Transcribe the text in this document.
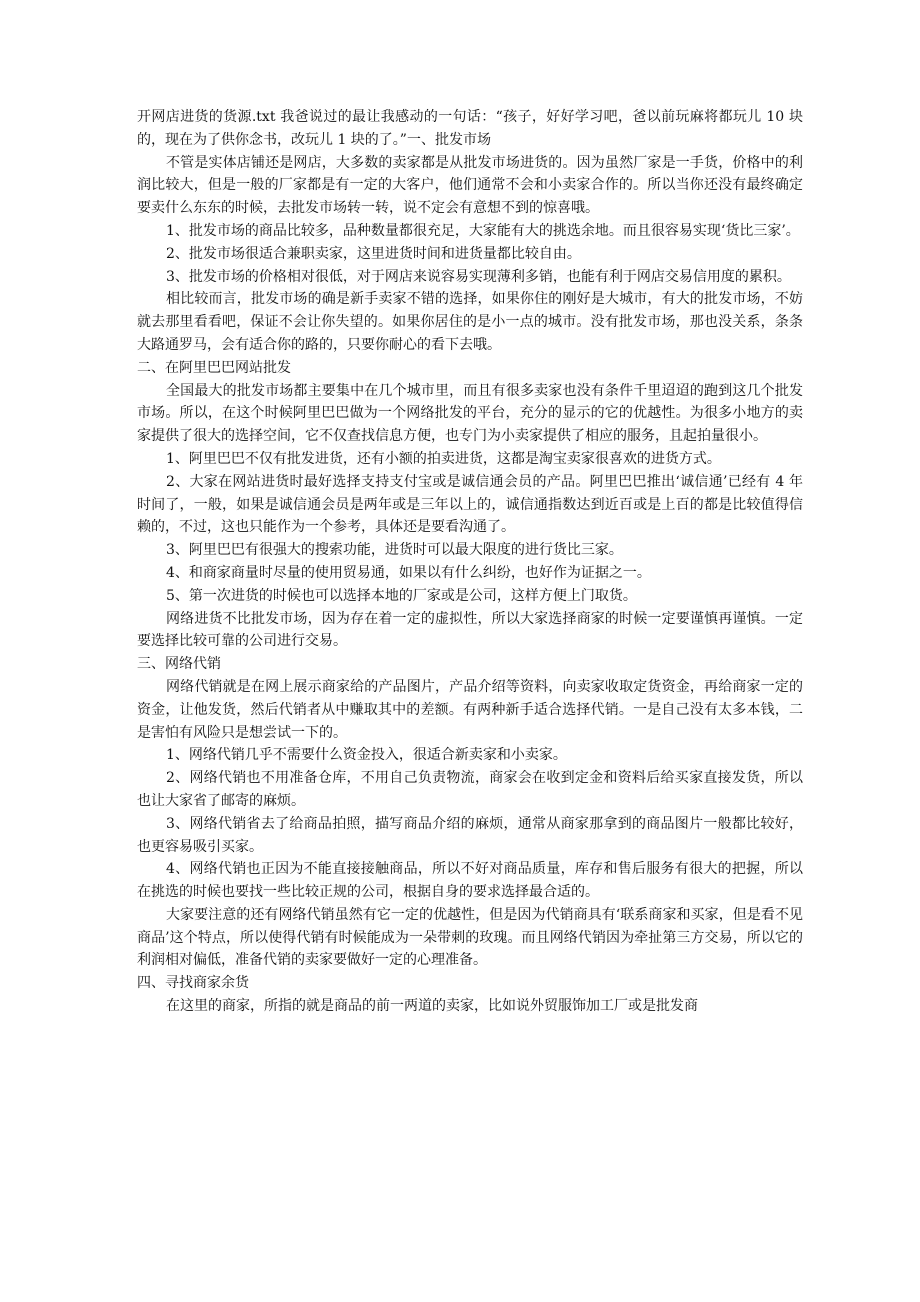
开网店进货的货源.txt 我爸说过的最让我感动的一句话：“孩子，好好学习吧，爸以前玩麻将都玩儿 10 块的，现在为了供你念书，改玩儿 1 块的了。”一、批发市场

不管是实体店铺还是网店，大多数的卖家都是从批发市场进货的。因为虽然厂家是一手货，价格中的利润比较大，但是一般的厂家都是有一定的大客户，他们通常不会和小卖家合作的。所以当你还没有最终确定要卖什么东东的时候，去批发市场转一转，说不定会有意想不到的惊喜哦。

1、批发市场的商品比较多，品种数量都很充足，大家能有大的挑选余地。而且很容易实现‘货比三家’。

2、批发市场很适合兼职卖家，这里进货时间和进货量都比较自由。

3、批发市场的价格相对很低，对于网店来说容易实现薄利多销，也能有利于网店交易信用度的累积。

相比较而言，批发市场的确是新手卖家不错的选择，如果你住的刚好是大城市，有大的批发市场，不妨就去那里看看吧，保证不会让你失望的。如果你居住的是小一点的城市。没有批发市场，那也没关系，条条大路通罗马，会有适合你的路的，只要你耐心的看下去哦。

二、在阿里巴巴网站批发

全国最大的批发市场都主要集中在几个城市里，而且有很多卖家也没有条件千里迢迢的跑到这几个批发市场。所以，在这个时候阿里巴巴做为一个网络批发的平台，充分的显示的它的优越性。为很多小地方的卖家提供了很大的选择空间，它不仅查找信息方便，也专门为小卖家提供了相应的服务，且起拍量很小。

1、阿里巴巴不仅有批发进货，还有小额的拍卖进货，这都是淘宝卖家很喜欢的进货方式。

2、大家在网站进货时最好选择支持支付宝或是诚信通会员的产品。阿里巴巴推出‘诚信通’已经有 4 年时间了，一般，如果是诚信通会员是两年或是三年以上的，诚信通指数达到近百或是上百的都是比较值得信赖的，不过，这也只能作为一个参考，具体还是要看沟通了。

3、阿里巴巴有很强大的搜索功能，进货时可以最大限度的进行货比三家。

4、和商家商量时尽量的使用贸易通，如果以有什么纠纷，也好作为证据之一。

5、第一次进货的时候也可以选择本地的厂家或是公司，这样方便上门取货。

网络进货不比批发市场，因为存在着一定的虚拟性，所以大家选择商家的时候一定要谨慎再谨慎。一定要选择比较可靠的公司进行交易。

三、网络代销

网络代销就是在网上展示商家给的产品图片，产品介绍等资料，向卖家收取定货资金，再给商家一定的资金，让他发货，然后代销者从中赚取其中的差额。有两种新手适合选择代销。一是自己没有太多本钱，二是害怕有风险只是想尝试一下的。

1、网络代销几乎不需要什么资金投入，很适合新卖家和小卖家。

2、网络代销也不用准备仓库，不用自己负责物流，商家会在收到定金和资料后给买家直接发货，所以也让大家省了邮寄的麻烦。

3、网络代销省去了给商品拍照，描写商品介绍的麻烦，通常从商家那拿到的商品图片一般都比较好，也更容易吸引买家。

4、网络代销也正因为不能直接接触商品，所以不好对商品质量，库存和售后服务有很大的把握，所以在挑选的时候也要找一些比较正规的公司，根据自身的要求选择最合适的。

大家要注意的还有网络代销虽然有它一定的优越性，但是因为代销商具有‘联系商家和买家，但是看不见商品’这个特点，所以使得代销有时候能成为一朵带刺的玫瑰。而且网络代销因为牵扯第三方交易，所以它的利润相对偏低，准备代销的卖家要做好一定的心理准备。

四、寻找商家余货

在这里的商家，所指的就是商品的前一两道的卖家，比如说外贸服饰加工厂或是批发商
